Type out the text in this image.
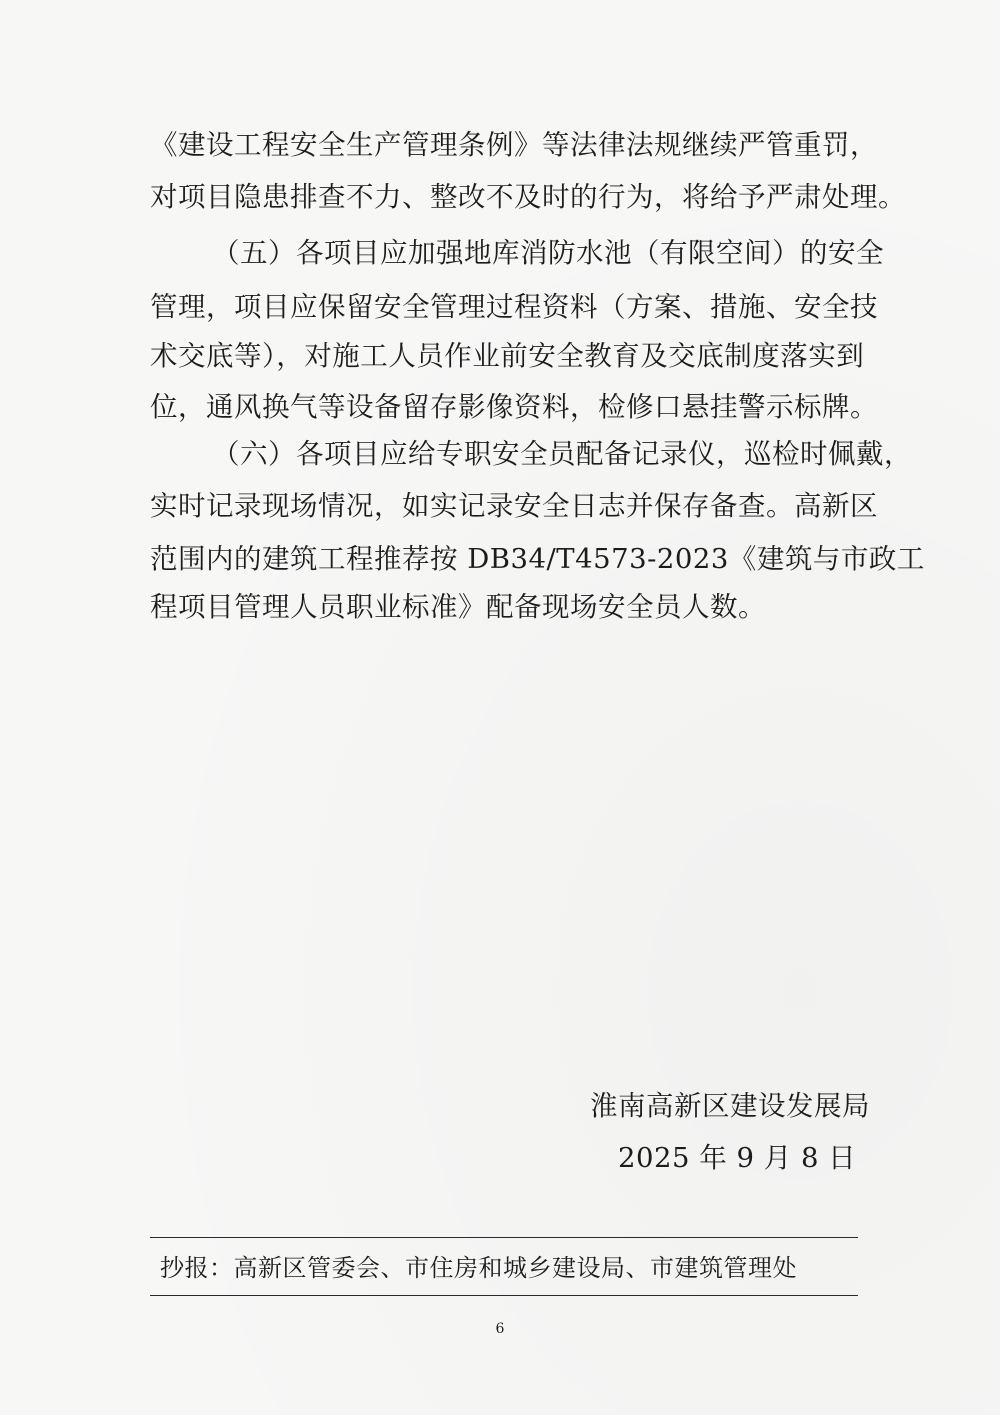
《建设工程安全生产管理条例》等法律法规继续严管重罚，
对项目隐患排查不力、整改不及时的行为，将给予严肃处理。
（五）各项目应加强地库消防水池（有限空间）的安全
管理，项目应保留安全管理过程资料（方案、措施、安全技
术交底等），对施工人员作业前安全教育及交底制度落实到
位，通风换气等设备留存影像资料，检修口悬挂警示标牌。
（六）各项目应给专职安全员配备记录仪，巡检时佩戴，
实时记录现场情况，如实记录安全日志并保存备查。高新区
范围内的建筑工程推荐按 DB34/T4573-2023《建筑与市政工
程项目管理人员职业标准》配备现场安全员人数。
淮南高新区建设发展局
2025 年 9 月 8 日
抄报：高新区管委会、市住房和城乡建设局、市建筑管理处
6
